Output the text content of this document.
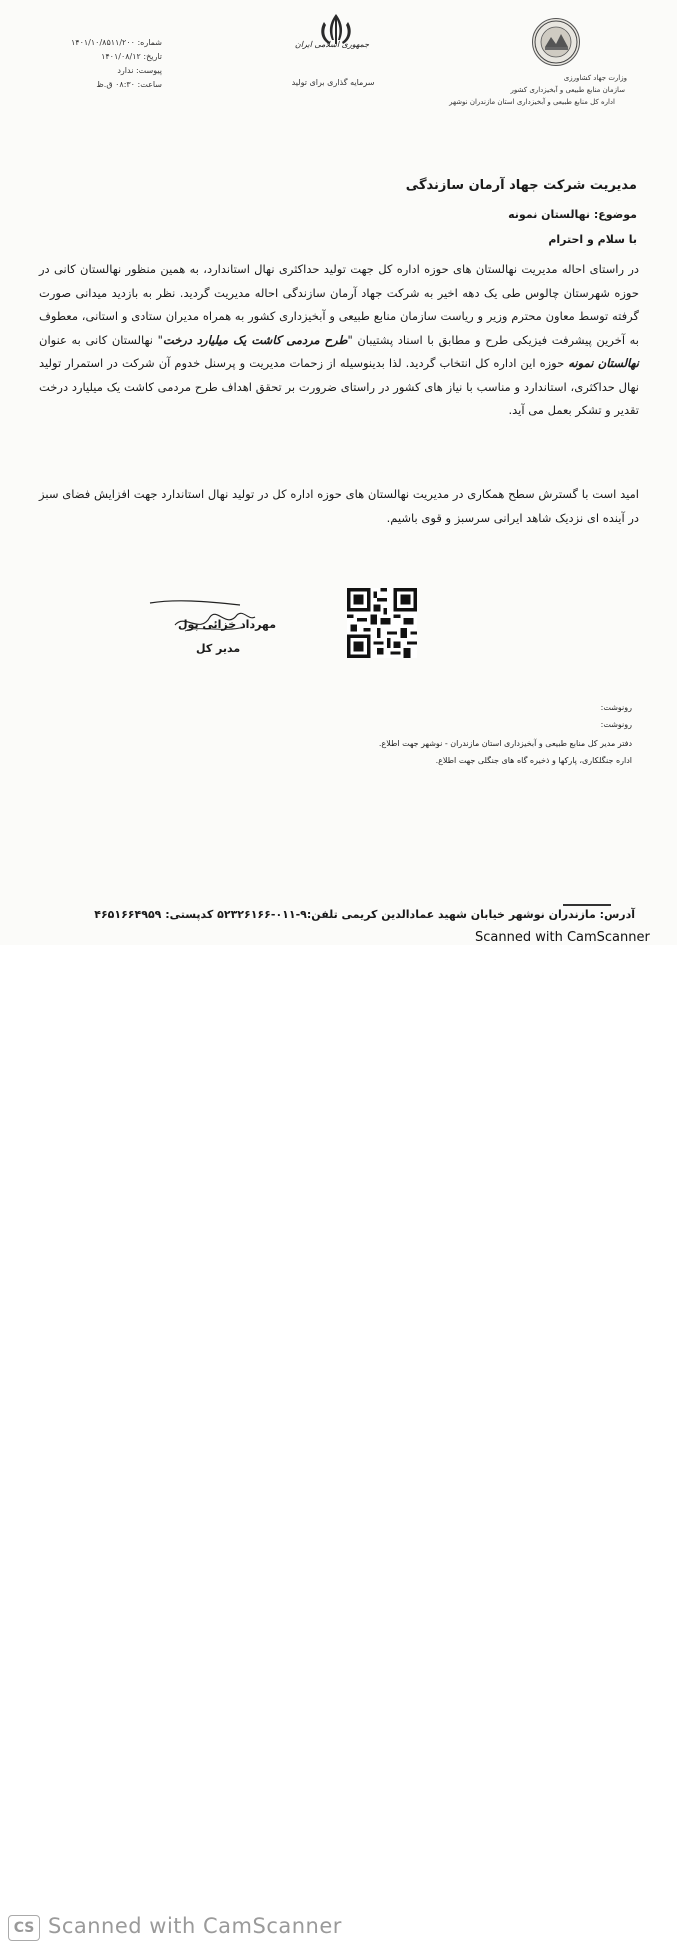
شماره: ۱۴۰۱/۱۰/۸۵۱۱/۲۰۰
تاریخ: ۱۴۰۱/۰۸/۱۲
پیوست: ندارد
ساعت: ۰۸:۳۰ ق.ظ
جمهوری اسلامی ایران
سرمایه گذاری برای تولید	وزارت جهاد کشاورزی
سازمان منابع طبیعی و آبخیزداری کشور
اداره کل منابع طبیعی و آبخیزداری استان مازندران نوشهر
مدیریت شرکت جهاد آرمان سازندگی
موضوع: نهالستان نمونه
با سلام و احترام
در راستای احاله مدیریت نهالستان های حوزه اداره کل جهت تولید حداکثری نهال استاندارد، به همین منظور نهالستان کانی در حوزه شهرستان چالوس طی یک دهه اخیر به شرکت جهاد آرمان سازندگی احاله مدیریت گردید. نظر به بازدید میدانی صورت گرفته توسط معاون محترم وزیر و ریاست سازمان منابع طبیعی و آبخیزداری کشور به همراه مدیران ستادی و استانی، معطوف به آخرین پیشرفت فیزیکی طرح و مطابق با اسناد پشتیبان "طرح مردمی کاشت یک میلیارد درخت" نهالستان کانی به عنوان نهالستان نمونه حوزه این اداره کل انتخاب گردید. لذا بدینوسیله از زحمات مدیریت و پرسنل خدوم آن شرکت در استمرار تولید نهال حداکثری، استاندارد و مناسب با نیاز های کشور در راستای ضرورت بر تحقق اهداف طرح مردمی کاشت یک میلیارد درخت تقدیر و تشکر بعمل می آید.
امید است با گسترش سطح همکاری در مدیریت نهالستان های حوزه اداره کل در تولید نهال استاندارد جهت افزایش فضای سبز در آینده ای نزدیک شاهد ایرانی سرسبز و قوی باشیم.
مهرداد خزائی پول
مدیر کل
رونوشت:
رونوشت:
دفتر مدیر کل منابع طبیعی و آبخیزداری استان مازندران - نوشهر جهت اطلاع.
اداره جنگلکاری، پارکها و ذخیره گاه های جنگلی جهت اطلاع.
آدرس: مازندران نوشهر خیابان شهید عمادالدین کریمی تلفن:۹-۰۱۱-۵۲۳۲۶۱۶۶ کدپستی: ۴۶۵۱۶۶۴۹۵۹
Scanned with CamScanner
CS Scanned with CamScanner
